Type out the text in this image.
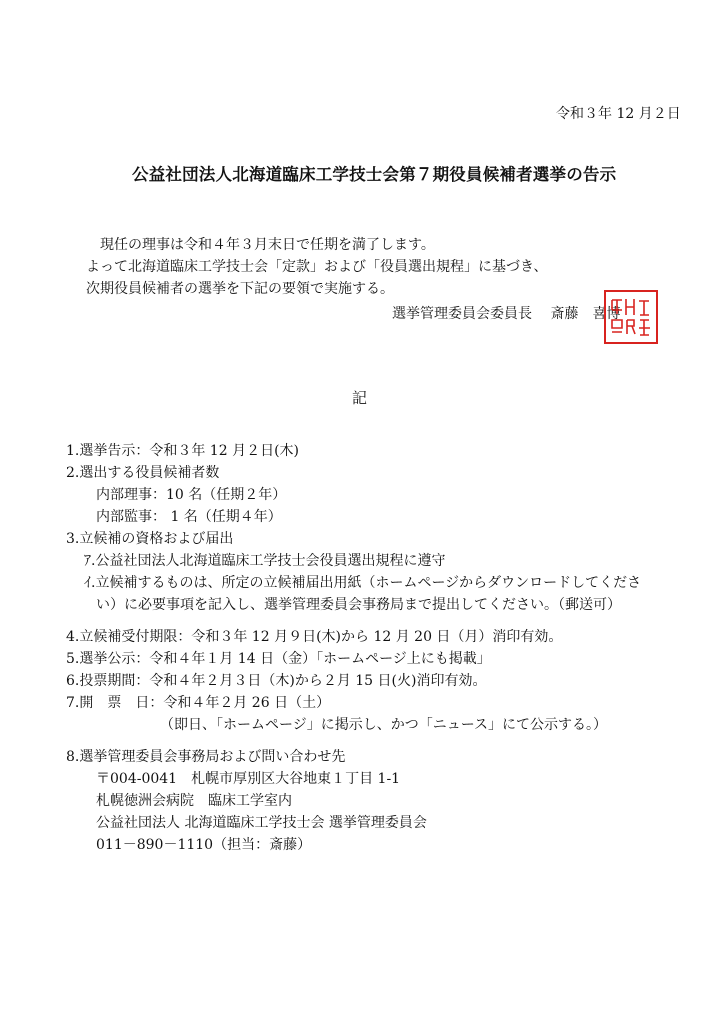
令和３年 12 月２日
公益社団法人北海道臨床工学技士会第７期役員候補者選挙の告示
現任の理事は令和４年３月末日で任期を満了します。
よって北海道臨床工学技士会「定款」および「役員選出規程」に基づき、
次期役員候補者の選挙を下記の要領で実施する。
選挙管理委員会委員長　 斎藤　喜博
記
1.選挙告示：令和３年 12 月２日(木)
2.選出する役員候補者数
内部理事：10 名（任期２年）
内部監事： 1 名（任期４年）
3.立候補の資格および届出
ｱ.公益社団法人北海道臨床工学技士会役員選出規程に遵守
ｲ.立候補するものは、所定の立候補届出用紙（ホームページからダウンロードしてくださ
い）に必要事項を記入し、選挙管理委員会事務局まで提出してください。（郵送可）
4.立候補受付期限：令和３年 12 月９日(木)から 12 月 20 日（月）消印有効。
5.選挙公示：令和４年１月 14 日（金）「ホームページ上にも掲載」
6.投票期間：令和４年２月３日（木)から２月 15 日(火)消印有効。
7.開　票　日：令和４年２月 26 日（土）
（即日、「ホームページ」に掲示し、かつ「ニュース」にて公示する。）
8.選挙管理委員会事務局および問い合わせ先
〒004-0041　札幌市厚別区大谷地東１丁目 1-1
札幌徳洲会病院　臨床工学室内
公益社団法人 北海道臨床工学技士会 選挙管理委員会
011－890－1110（担当：斎藤）
